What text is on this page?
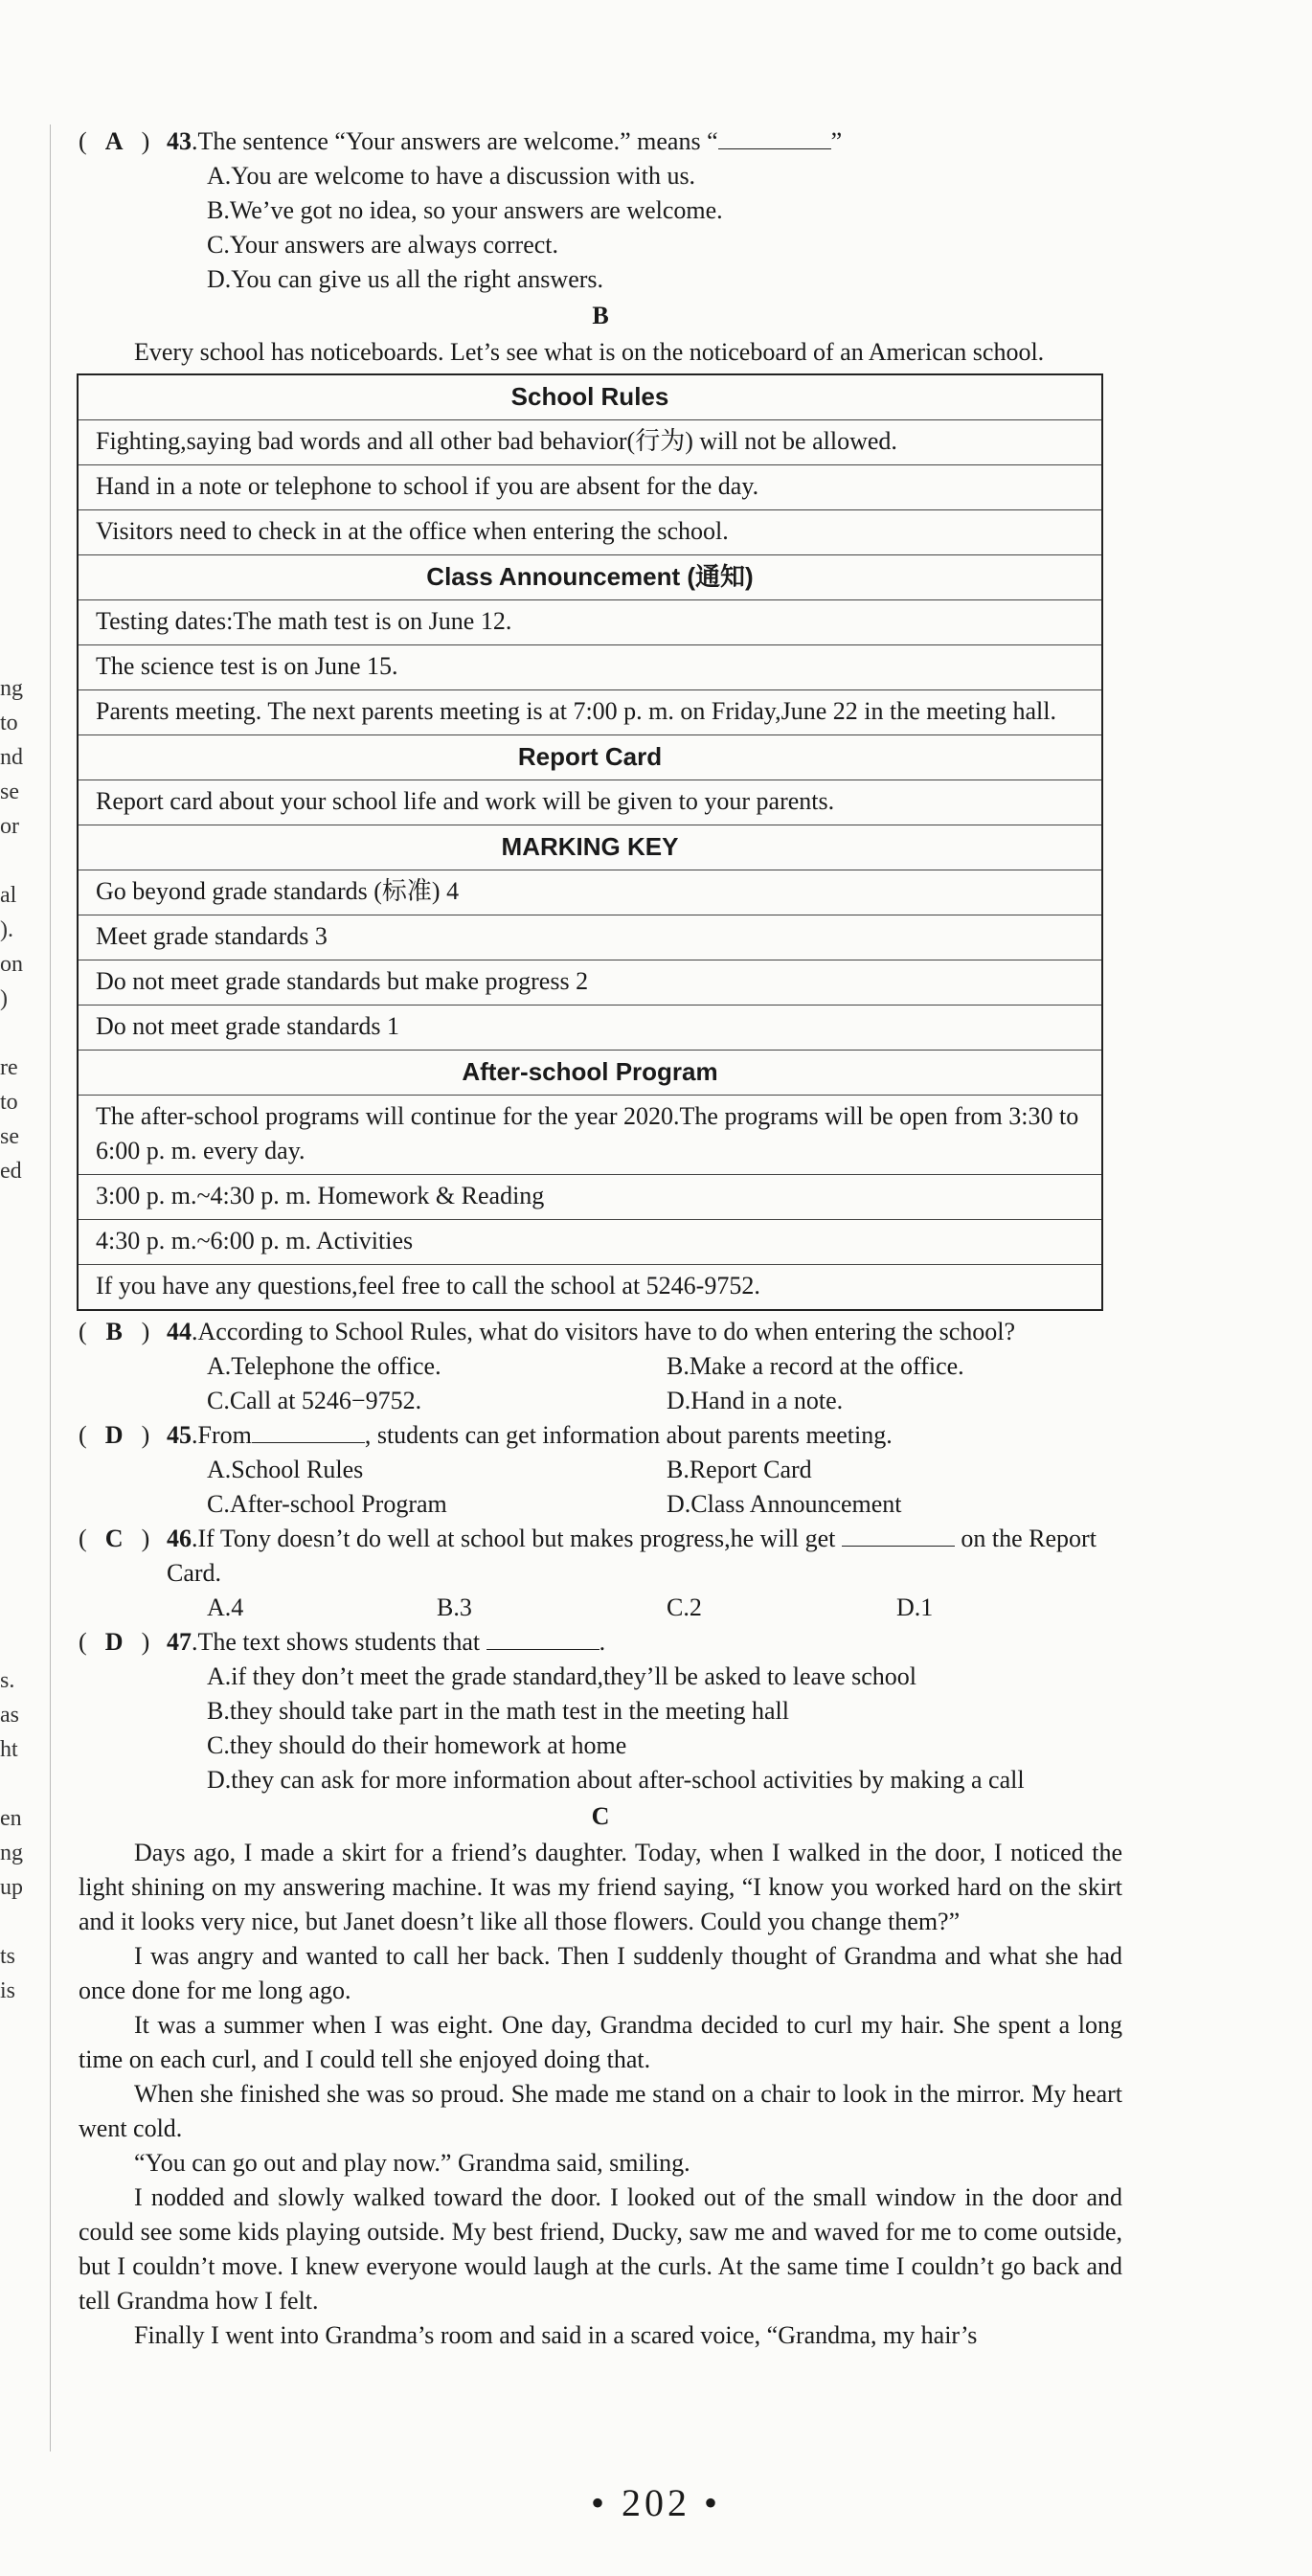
ng
to
nd
se
or
al
).
on
)
re
to
se
ed
s.
as
ht
en
ng
up
ts
is
( A ) 43.The sentence “Your answers are welcome.” means “	”
A.You are welcome to have a discussion with us.
B.We’ve got no idea, so your answers are welcome.
C.Your answers are always correct.
D.You can give us all the right answers.
B
Every school has noticeboards. Let’s see what is on the noticeboard of an American school.
School Rules
Fighting,saying bad words and all other bad behavior(行为) will not be allowed.
Hand in a note or telephone to school if you are absent for the day.
Visitors need to check in at the office when entering the school.
Class Announcement (通知)
Testing dates:The math test is on June 12.
The science test is on June 15.
Parents meeting. The next parents meeting is at 7:00 p. m. on Friday,June 22 in the meeting hall.
Report Card
Report card about your school life and work will be given to your parents.
MARKING KEY
Go beyond grade standards (标准) 4
Meet grade standards 3
Do not meet grade standards but make progress 2
Do not meet grade standards 1
After-school Program
The after-school programs will continue for the year 2020.The programs will be open from 3:30 to 6:00 p. m. every day.
3:00 p. m.~4:30 p. m. Homework & Reading
4:30 p. m.~6:00 p. m. Activities
If you have any questions,feel free to call the school at 5246-9752.
( B ) 44.According to School Rules, what do visitors have to do when entering the school?
A.Telephone the office.	B.Make a record at the office.
C.Call at 5246−9752.	D.Hand in a note.
( D ) 45.From	, students can get information about parents meeting.
A.School Rules	B.Report Card
C.After-school Program	D.Class Announcement
( C ) 46.If Tony doesn’t do well at school but makes progress,he will get	on the Report Card.
A.4	B.3	C.2	D.1
( D ) 47.The text shows students that	.
A.if they don’t meet the grade standard,they’ll be asked to leave school
B.they should take part in the math test in the meeting hall
C.they should do their homework at home
D.they can ask for more information about after-school activities by making a call
C
Days ago, I made a skirt for a friend’s daughter. Today, when I walked in the door, I noticed the light shining on my answering machine. It was my friend saying, “I know you worked hard on the skirt and it looks very nice, but Janet doesn’t like all those flowers. Could you change them?”
I was angry and wanted to call her back. Then I suddenly thought of Grandma and what she had once done for me long ago.
It was a summer when I was eight. One day, Grandma decided to curl my hair. She spent a long time on each curl, and I could tell she enjoyed doing that.
When she finished she was so proud. She made me stand on a chair to look in the mirror. My heart went cold.
“You can go out and play now.” Grandma said, smiling.
I nodded and slowly walked toward the door. I looked out of the small window in the door and could see some kids playing outside. My best friend, Ducky, saw me and waved for me to come outside, but I couldn’t move. I knew everyone would laugh at the curls. At the same time I couldn’t go back and tell Grandma how I felt.
Finally I went into Grandma’s room and said in a scared voice, “Grandma, my hair’s
• 202 •
